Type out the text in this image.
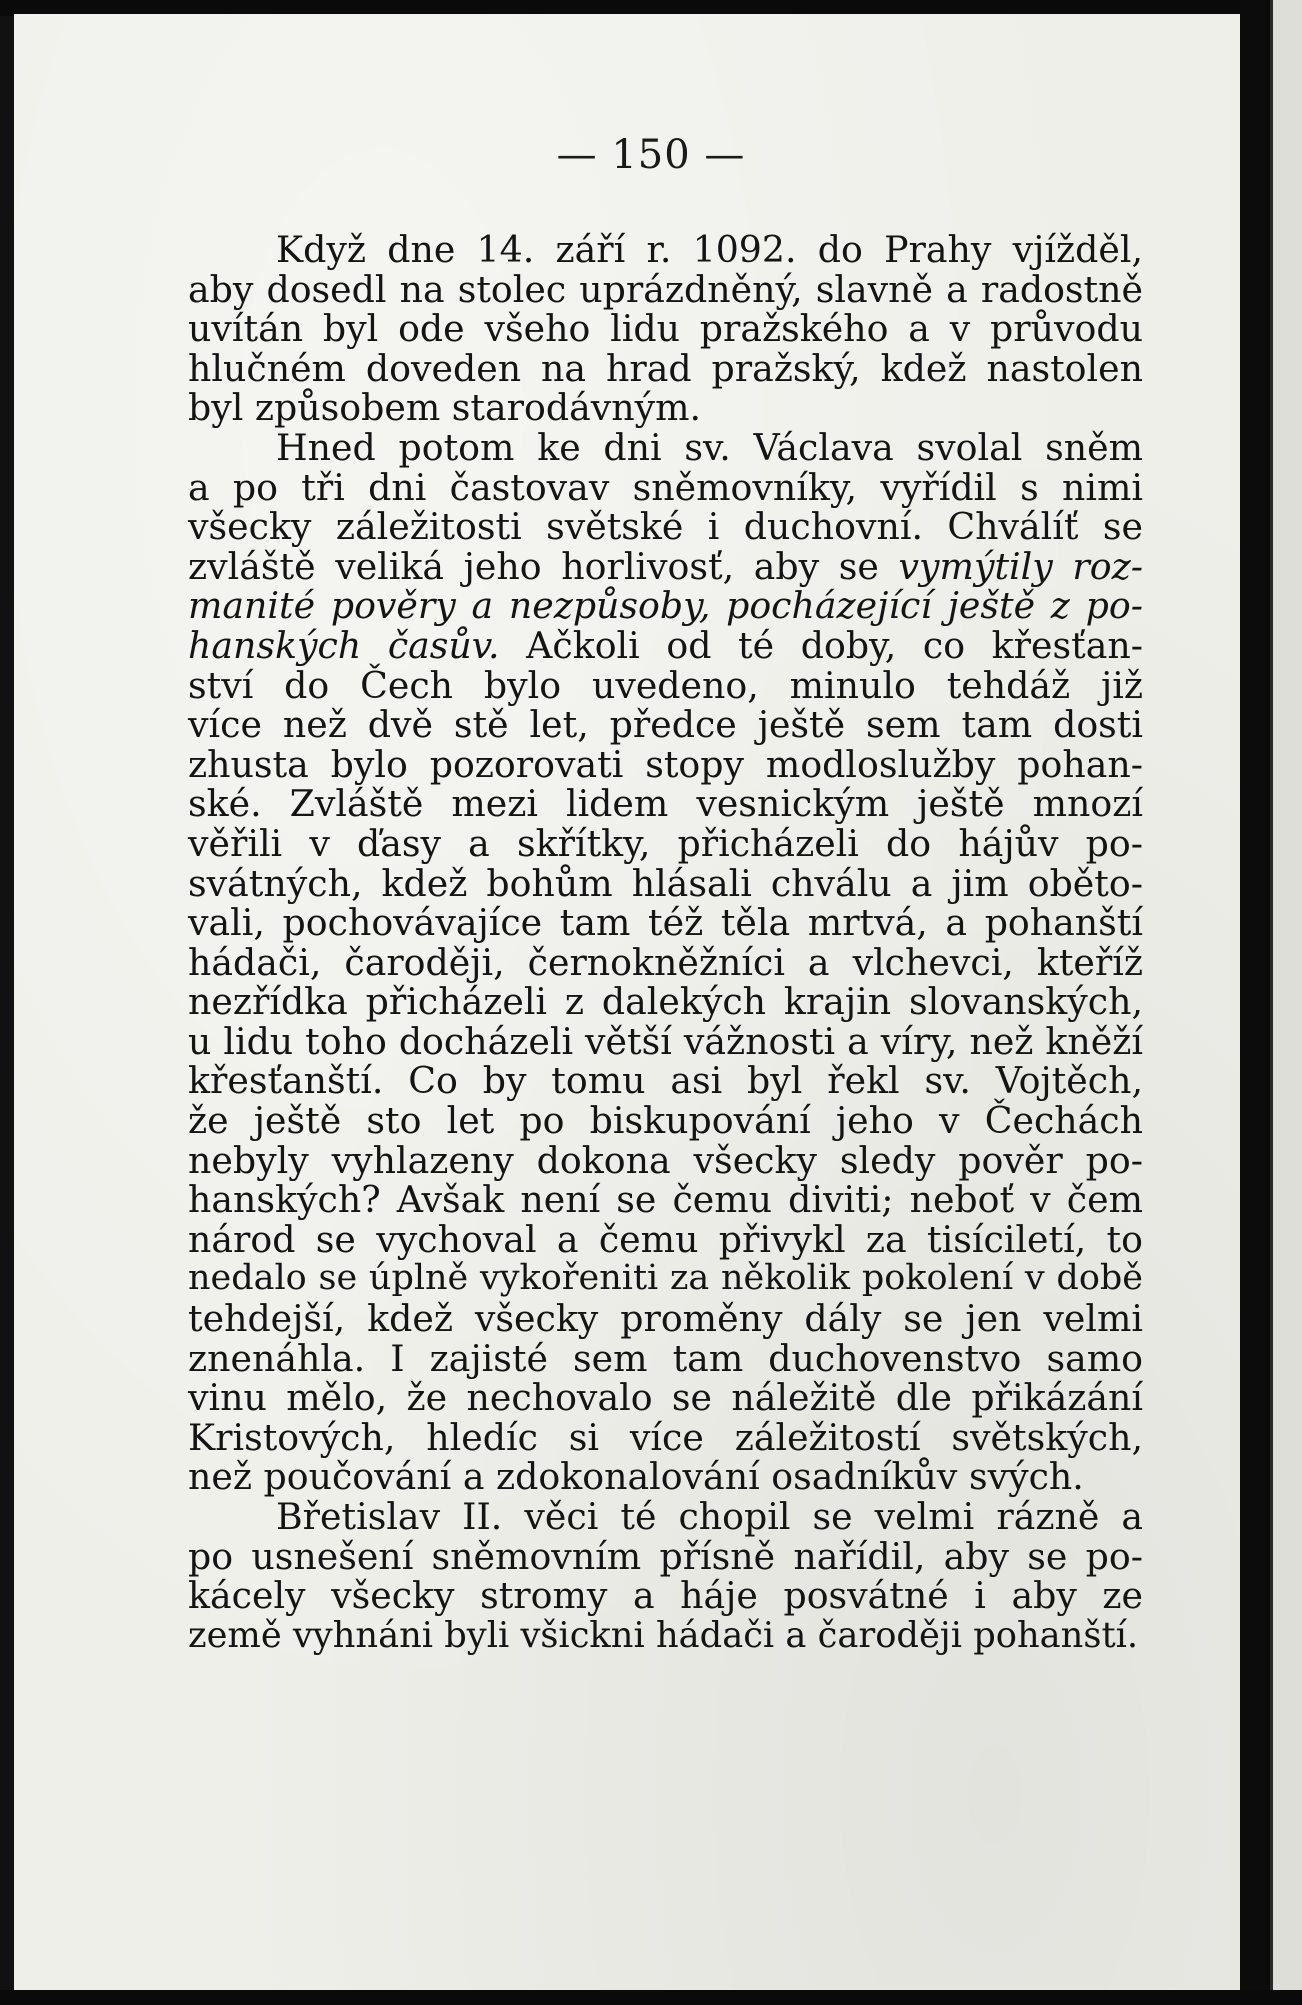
— 150 —
Když dne 14. září r. 1092. do Prahy vjížděl,
aby dosedl na stolec uprázdněný, slavně a radostně
uvítán byl ode všeho lidu pražského a v průvodu
hlučném doveden na hrad pražský, kdež nastolen
byl způsobem starodávným.
Hned potom ke dni sv. Václava svolal sněm
a po tři dni častovav sněmovníky, vyřídil s nimi
všecky záležitosti světské i duchovní. Chválíť se
zvláště veliká jeho horlivosť, aby se vymýtily roz-
manité pověry a nezpůsoby, pocházející ještě z po-
hanských časův. Ačkoli od té doby, co křesťan-
ství do Čech bylo uvedeno, minulo tehdáž již
více než dvě stě let, předce ještě sem tam dosti
zhusta bylo pozorovati stopy modloslužby pohan-
ské. Zvláště mezi lidem vesnickým ještě mnozí
věřili v ďasy a skřítky, přicházeli do hájův po-
svátných, kdež bohům hlásali chválu a jim oběto-
vali, pochovávajíce tam též těla mrtvá, a pohanští
hádači, čaroději, černokněžníci a vlchevci, kteříž
nezřídka přicházeli z dalekých krajin slovanských,
u lidu toho docházeli větší vážnosti a víry, než kněží
křesťanští. Co by tomu asi byl řekl sv. Vojtěch,
že ještě sto let po biskupování jeho v Čechách
nebyly vyhlazeny dokona všecky sledy pověr po-
hanských? Avšak není se čemu diviti; neboť v čem
národ se vychoval a čemu přivykl za tisíciletí, to
nedalo se úplně vykořeniti za několik pokolení v době
tehdejší, kdež všecky proměny dály se jen velmi
znenáhla. I zajisté sem tam duchovenstvo samo
vinu mělo, že nechovalo se náležitě dle přikázání
Kristových, hledíc si více záležitostí světských,
než poučování a zdokonalování osadníkův svých.
Břetislav II. věci té chopil se velmi rázně a
po usnešení sněmovním přísně nařídil, aby se po-
kácely všecky stromy a háje posvátné i aby ze
země vyhnáni byli všickni hádači a čaroději pohanští.
